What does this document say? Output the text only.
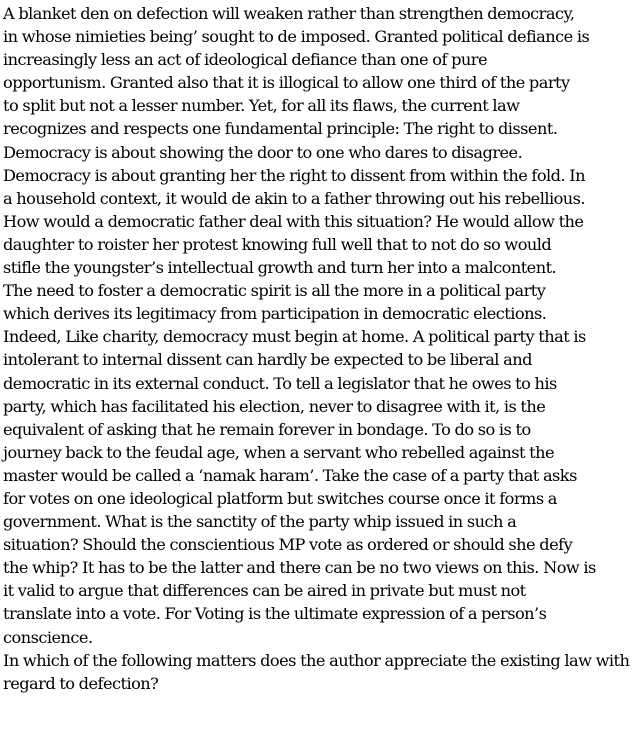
A blanket den on defection will weaken rather than strengthen democracy,
in whose nimieties being’ sought to de imposed. Granted political defiance is
increasingly less an act of ideological defiance than one of pure
opportunism. Granted also that it is illogical to allow one third of the party
to split but not a lesser number. Yet, for all its flaws, the current law
recognizes and respects one fundamental principle: The right to dissent.
Democracy is about showing the door to one who dares to disagree.
Democracy is about granting her the right to dissent from within the fold. In
a household context, it would de akin to a father throwing out his rebellious.
How would a democratic father deal with this situation? He would allow the
daughter to roister her protest knowing full well that to not do so would
stifle the youngster’s intellectual growth and turn her into a malcontent.
The need to foster a democratic spirit is all the more in a political party
which derives its legitimacy from participation in democratic elections.
Indeed, Like charity, democracy must begin at home. A political party that is
intolerant to internal dissent can hardly be expected to be liberal and
democratic in its external conduct. To tell a legislator that he owes to his
party, which has facilitated his election, never to disagree with it, is the
equivalent of asking that he remain forever in bondage. To do so is to
journey back to the feudal age, when a servant who rebelled against the
master would be called a ‘namak haram’. Take the case of a party that asks
for votes on one ideological platform but switches course once it forms a
government. What is the sanctity of the party whip issued in such a
situation? Should the conscientious MP vote as ordered or should she defy
the whip? It has to be the latter and there can be no two views on this. Now is
it valid to argue that differences can be aired in private but must not
translate into a vote. For Voting is the ultimate expression of a person’s
conscience.
In which of the following matters does the author appreciate the existing law with
regard to defection?
